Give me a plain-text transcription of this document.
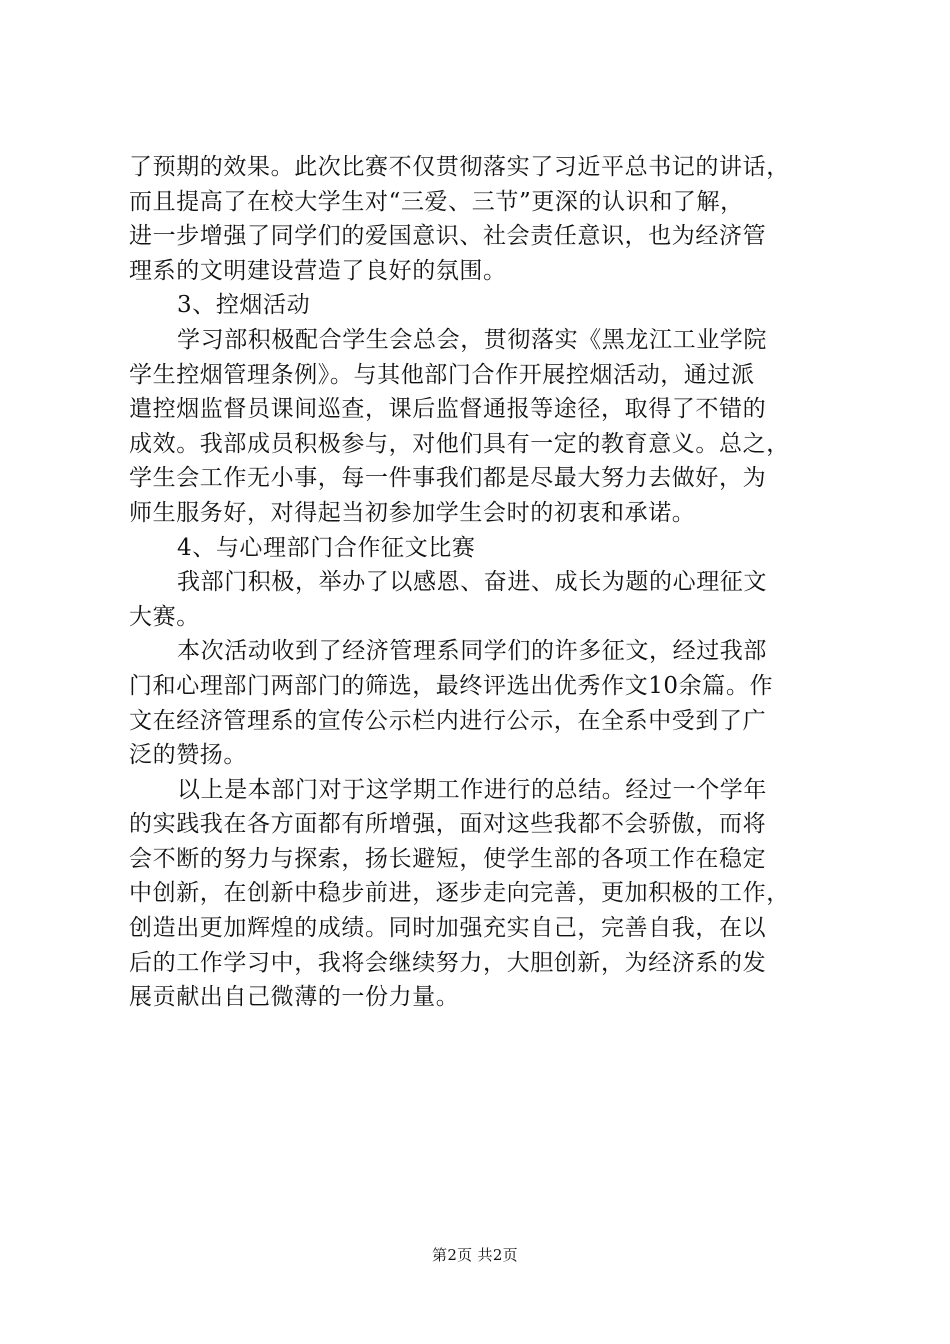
了预期的效果。此次比赛不仅贯彻落实了习近平总书记的讲话，
而且提高了在校大学生对“三爱、三节”更深的认识和了解，
进一步增强了同学们的爱国意识、社会责任意识，也为经济管
理系的文明建设营造了良好的氛围。
3、控烟活动
学习部积极配合学生会总会，贯彻落实《黑龙江工业学院
学生控烟管理条例》。与其他部门合作开展控烟活动，通过派
遣控烟监督员课间巡查，课后监督通报等途径，取得了不错的
成效。我部成员积极参与，对他们具有一定的教育意义。总之，
学生会工作无小事，每一件事我们都是尽最大努力去做好，为
师生服务好，对得起当初参加学生会时的初衷和承诺。
4、与心理部门合作征文比赛
我部门积极，举办了以感恩、奋进、成长为题的心理征文
大赛。
本次活动收到了经济管理系同学们的许多征文，经过我部
门和心理部门两部门的筛选，最终评选出优秀作文10余篇。作
文在经济管理系的宣传公示栏内进行公示，在全系中受到了广
泛的赞扬。
以上是本部门对于这学期工作进行的总结。经过一个学年
的实践我在各方面都有所增强，面对这些我都不会骄傲，而将
会不断的努力与探索，扬长避短，使学生部的各项工作在稳定
中创新，在创新中稳步前进，逐步走向完善，更加积极的工作，
创造出更加辉煌的成绩。同时加强充实自己，完善自我，在以
后的工作学习中，我将会继续努力，大胆创新，为经济系的发
展贡献出自己微薄的一份力量。
第2页 共2页
